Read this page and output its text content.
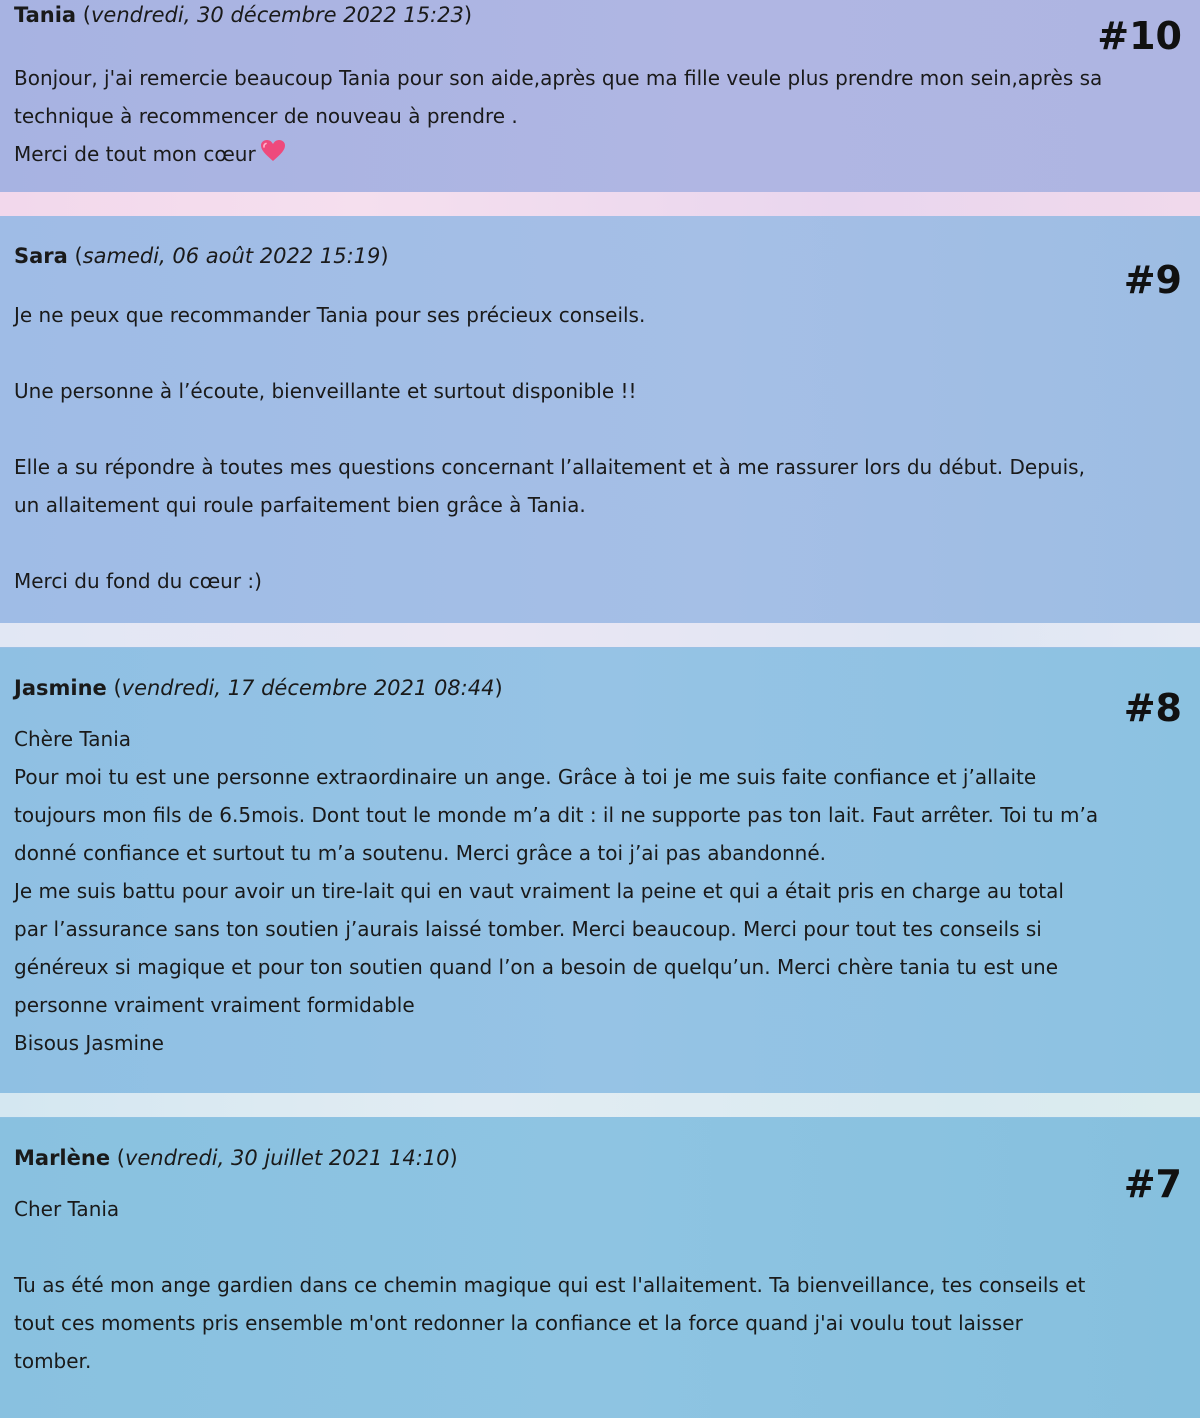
Tania (vendredi, 30 décembre 2022 15:23)	#10

Bonjour, j'ai remercie beaucoup Tania pour son aide,après que ma fille veule plus prendre mon sein,après sa

technique à recommencer de nouveau à prendre .

Merci de tout mon cœur

Sara (samedi, 06 août 2022 15:19)
#9

Je ne peux que recommander Tania pour ses précieux conseils.

Une personne à l’écoute, bienveillante et surtout disponible !!

Elle a su répondre à toutes mes questions concernant l’allaitement et à me rassurer lors du début. Depuis,

un allaitement qui roule parfaitement bien grâce à Tania.

Merci du fond du cœur :)

Jasmine (vendredi, 17 décembre 2021 08:44)	#8

Chère Tania

Pour moi tu est une personne extraordinaire un ange. Grâce à toi je me suis faite confiance et j’allaite

toujours mon fils de 6.5mois. Dont tout le monde m’a dit : il ne supporte pas ton lait. Faut arrêter. Toi tu m’a

donné confiance et surtout tu m’a soutenu. Merci grâce a toi j’ai pas abandonné.

Je me suis battu pour avoir un tire-lait qui en vaut vraiment la peine et qui a était pris en charge au total

par l’assurance sans ton soutien j’aurais laissé tomber. Merci beaucoup. Merci pour tout tes conseils si

généreux si magique et pour ton soutien quand l’on a besoin de quelqu’un. Merci chère tania tu est une

personne vraiment vraiment formidable

Bisous Jasmine

Marlène (vendredi, 30 juillet 2021 14:10)
#7

Cher Tania

Tu as été mon ange gardien dans ce chemin magique qui est l'allaitement. Ta bienveillance, tes conseils et

tout ces moments pris ensemble m'ont redonner la confiance et la force quand j'ai voulu tout laisser

tomber.
